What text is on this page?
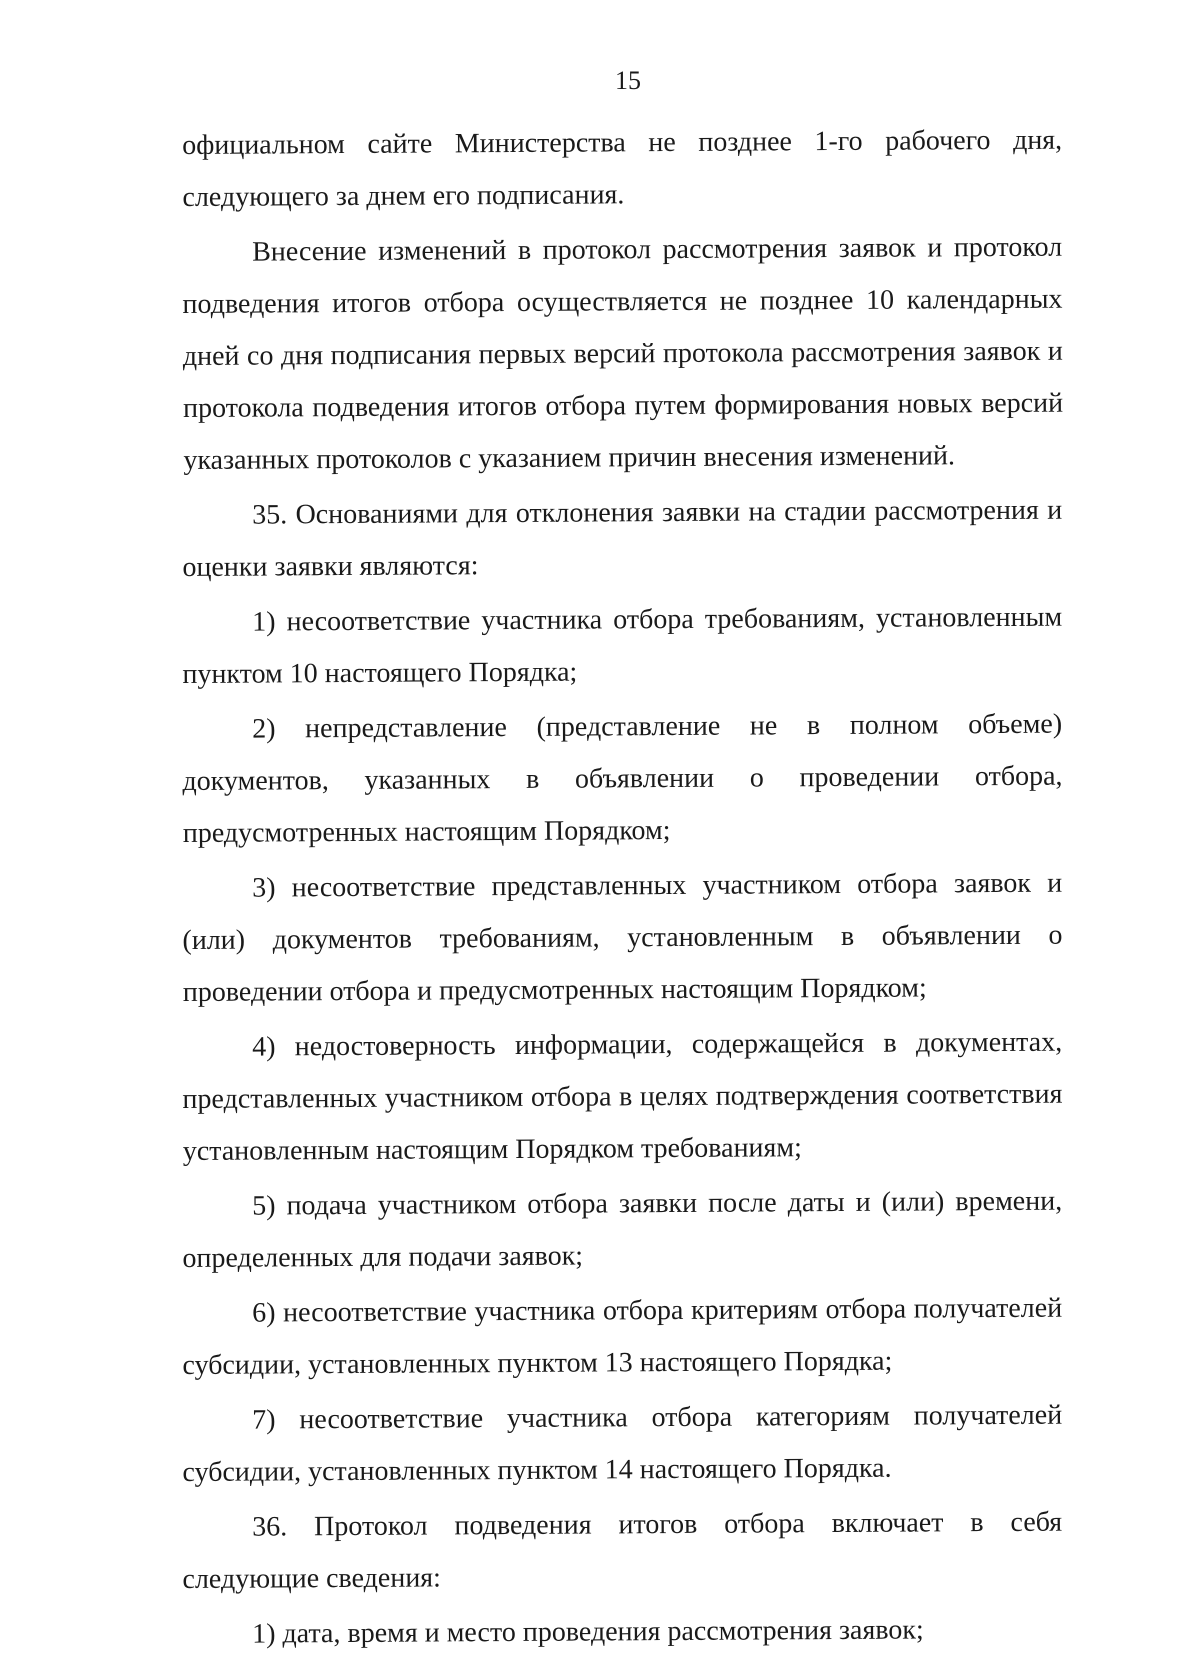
15

официальном сайте Министерства не позднее 1-го рабочего дня, следующего за днем его подписания.

Внесение изменений в протокол рассмотрения заявок и протокол подведения итогов отбора осуществляется не позднее 10 календарных дней со дня подписания первых версий протокола рассмотрения заявок и протокола подведения итогов отбора путем формирования новых версий указанных протоколов с указанием причин внесения изменений.

35. Основаниями для отклонения заявки на стадии рассмотрения и оценки заявки являются:

1) несоответствие участника отбора требованиям, установленным пунктом 10 настоящего Порядка;

2) непредставление (представление не в полном объеме) документов, указанных в объявлении о проведении отбора, предусмотренных настоящим Порядком;

3) несоответствие представленных участником отбора заявок и (или) документов требованиям, установленным в объявлении о проведении отбора и предусмотренных настоящим Порядком;

4) недостоверность информации, содержащейся в документах, представленных участником отбора в целях подтверждения соответствия установленным настоящим Порядком требованиям;

5) подача участником отбора заявки после даты и (или) времени, определенных для подачи заявок;

6) несоответствие участника отбора критериям отбора получателей субсидии, установленных пунктом 13 настоящего Порядка;

7) несоответствие участника отбора категориям получателей субсидии, установленных пунктом 14 настоящего Порядка.

36. Протокол подведения итогов отбора включает в себя следующие сведения:

1) дата, время и место проведения рассмотрения заявок;
